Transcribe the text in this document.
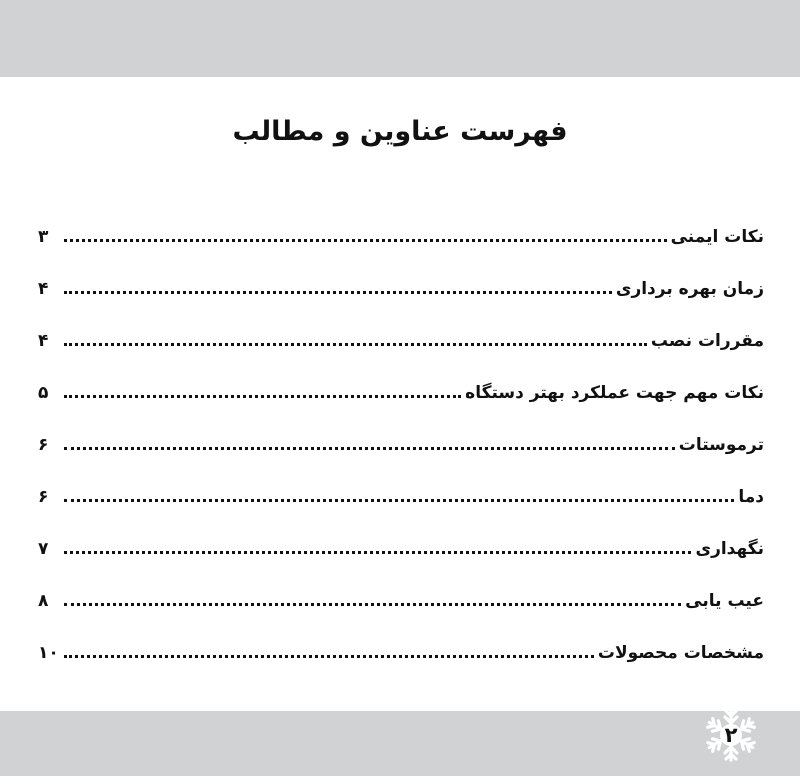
فهرست عناوین و مطالب
نکات ایمنی
۳
زمان بهره برداری
۴
مقررات نصب
۴
نکات مهم جهت عملکرد بهتر دستگاه
۵
ترموستات
۶
دما
۶
نگهداری
۷
عیب یابی
۸
مشخصات محصولات
۱۰
۲
